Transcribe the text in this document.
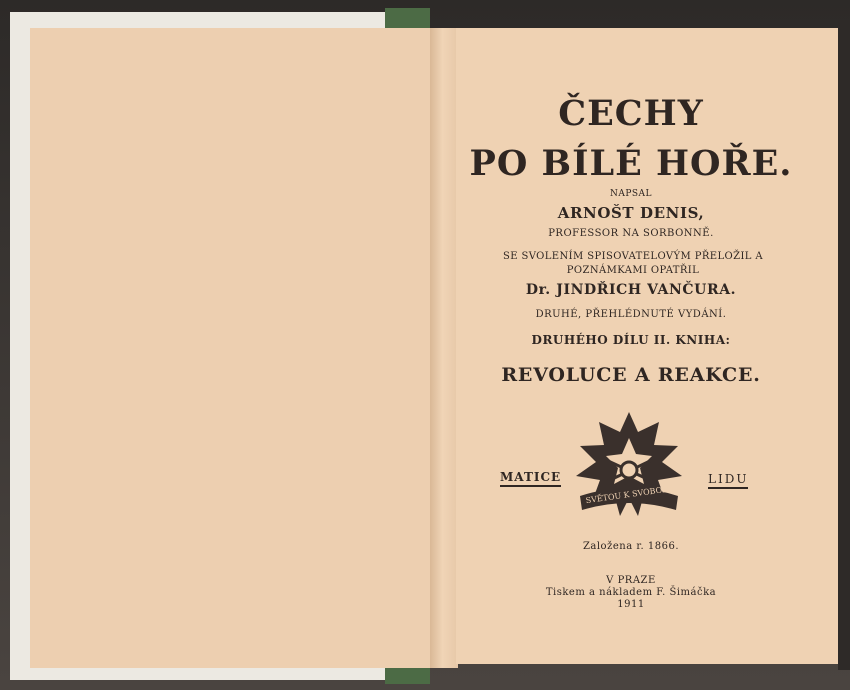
ČECHY
PO BÍLÉ HOŘE.
NAPSAL
ARNOŠT DENIS,
PROFESSOR NA SORBONNĚ.
SE SVOLENÍM SPISOVATELOVÝM PŘELOŽIL A POZNÁMKAMI OPATŘIL
Dr. JINDŘICH VANČURA.
DRUHÉ, PŘEHLÉDNUTÉ VYDÁNÍ.
DRUHÉHO DÍLU II. KNIHA:
REVOLUCE A REAKCE.
MATICE	LIDU
SVĚTOU K SVOBODĚ
Založena r. 1866.
V PRAZE
Tiskem a nákladem F. Šimáčka
1911
